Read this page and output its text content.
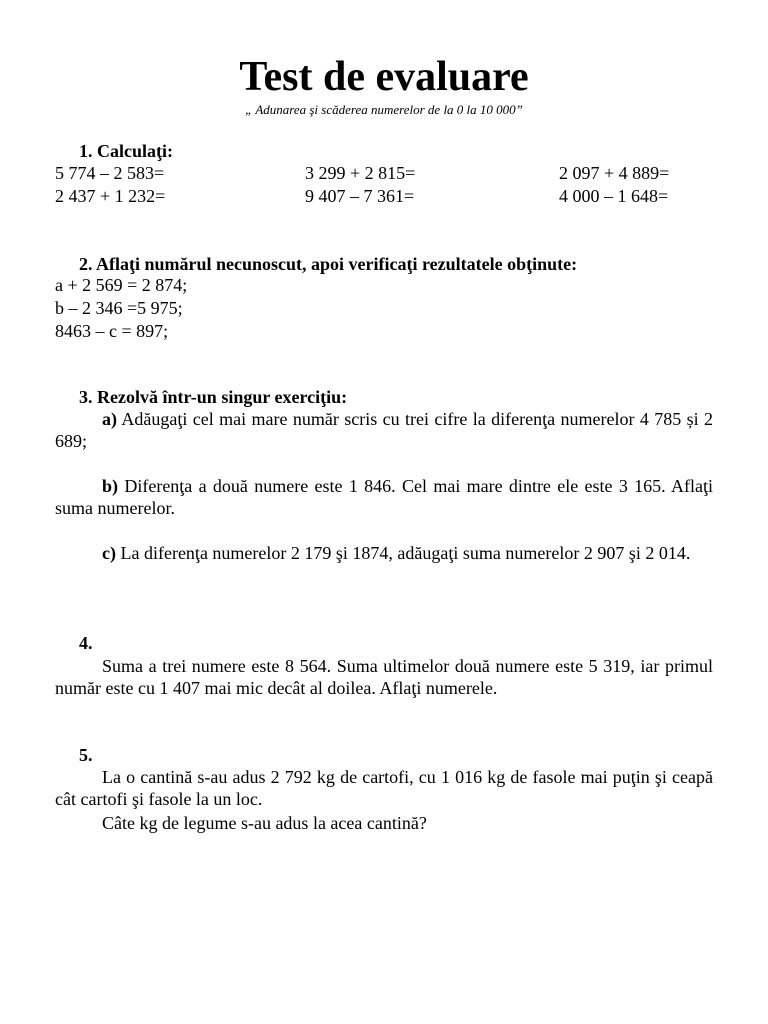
Test de evaluare
„ Adunarea şi scăderea numerelor de la 0 la 10 000”
1. Calculaţi:
5 774 – 2 583=	3 299 + 2 815=	2 097 + 4 889=
2 437 + 1 232=	9 407 – 7 361=	4 000 – 1 648=
2. Aflaţi numărul necunoscut, apoi verificaţi rezultatele obţinute:
a + 2 569 = 2 874;
b – 2 346 =5 975;
8463 – c = 897;
3. Rezolvă într-un singur exerciţiu:
a) Adăugaţi cel mai mare număr scris cu trei cifre la diferenţa numerelor 4 785 și 2 689;
b) Diferenţa a două numere este 1 846. Cel mai mare dintre ele este 3 165. Aflaţi suma numerelor.
c) La diferenţa numerelor 2 179 şi 1874, adăugaţi suma numerelor 2 907 şi 2 014.
4.
Suma a trei numere este 8 564. Suma ultimelor două numere este 5 319, iar primul număr este cu 1 407 mai mic decât al doilea. Aflaţi numerele.
5.
La o cantină s-au adus 2 792 kg de cartofi, cu 1 016 kg de fasole mai puţin şi ceapă cât cartofi şi fasole la un loc.
Câte kg de legume s-au adus la acea cantină?
